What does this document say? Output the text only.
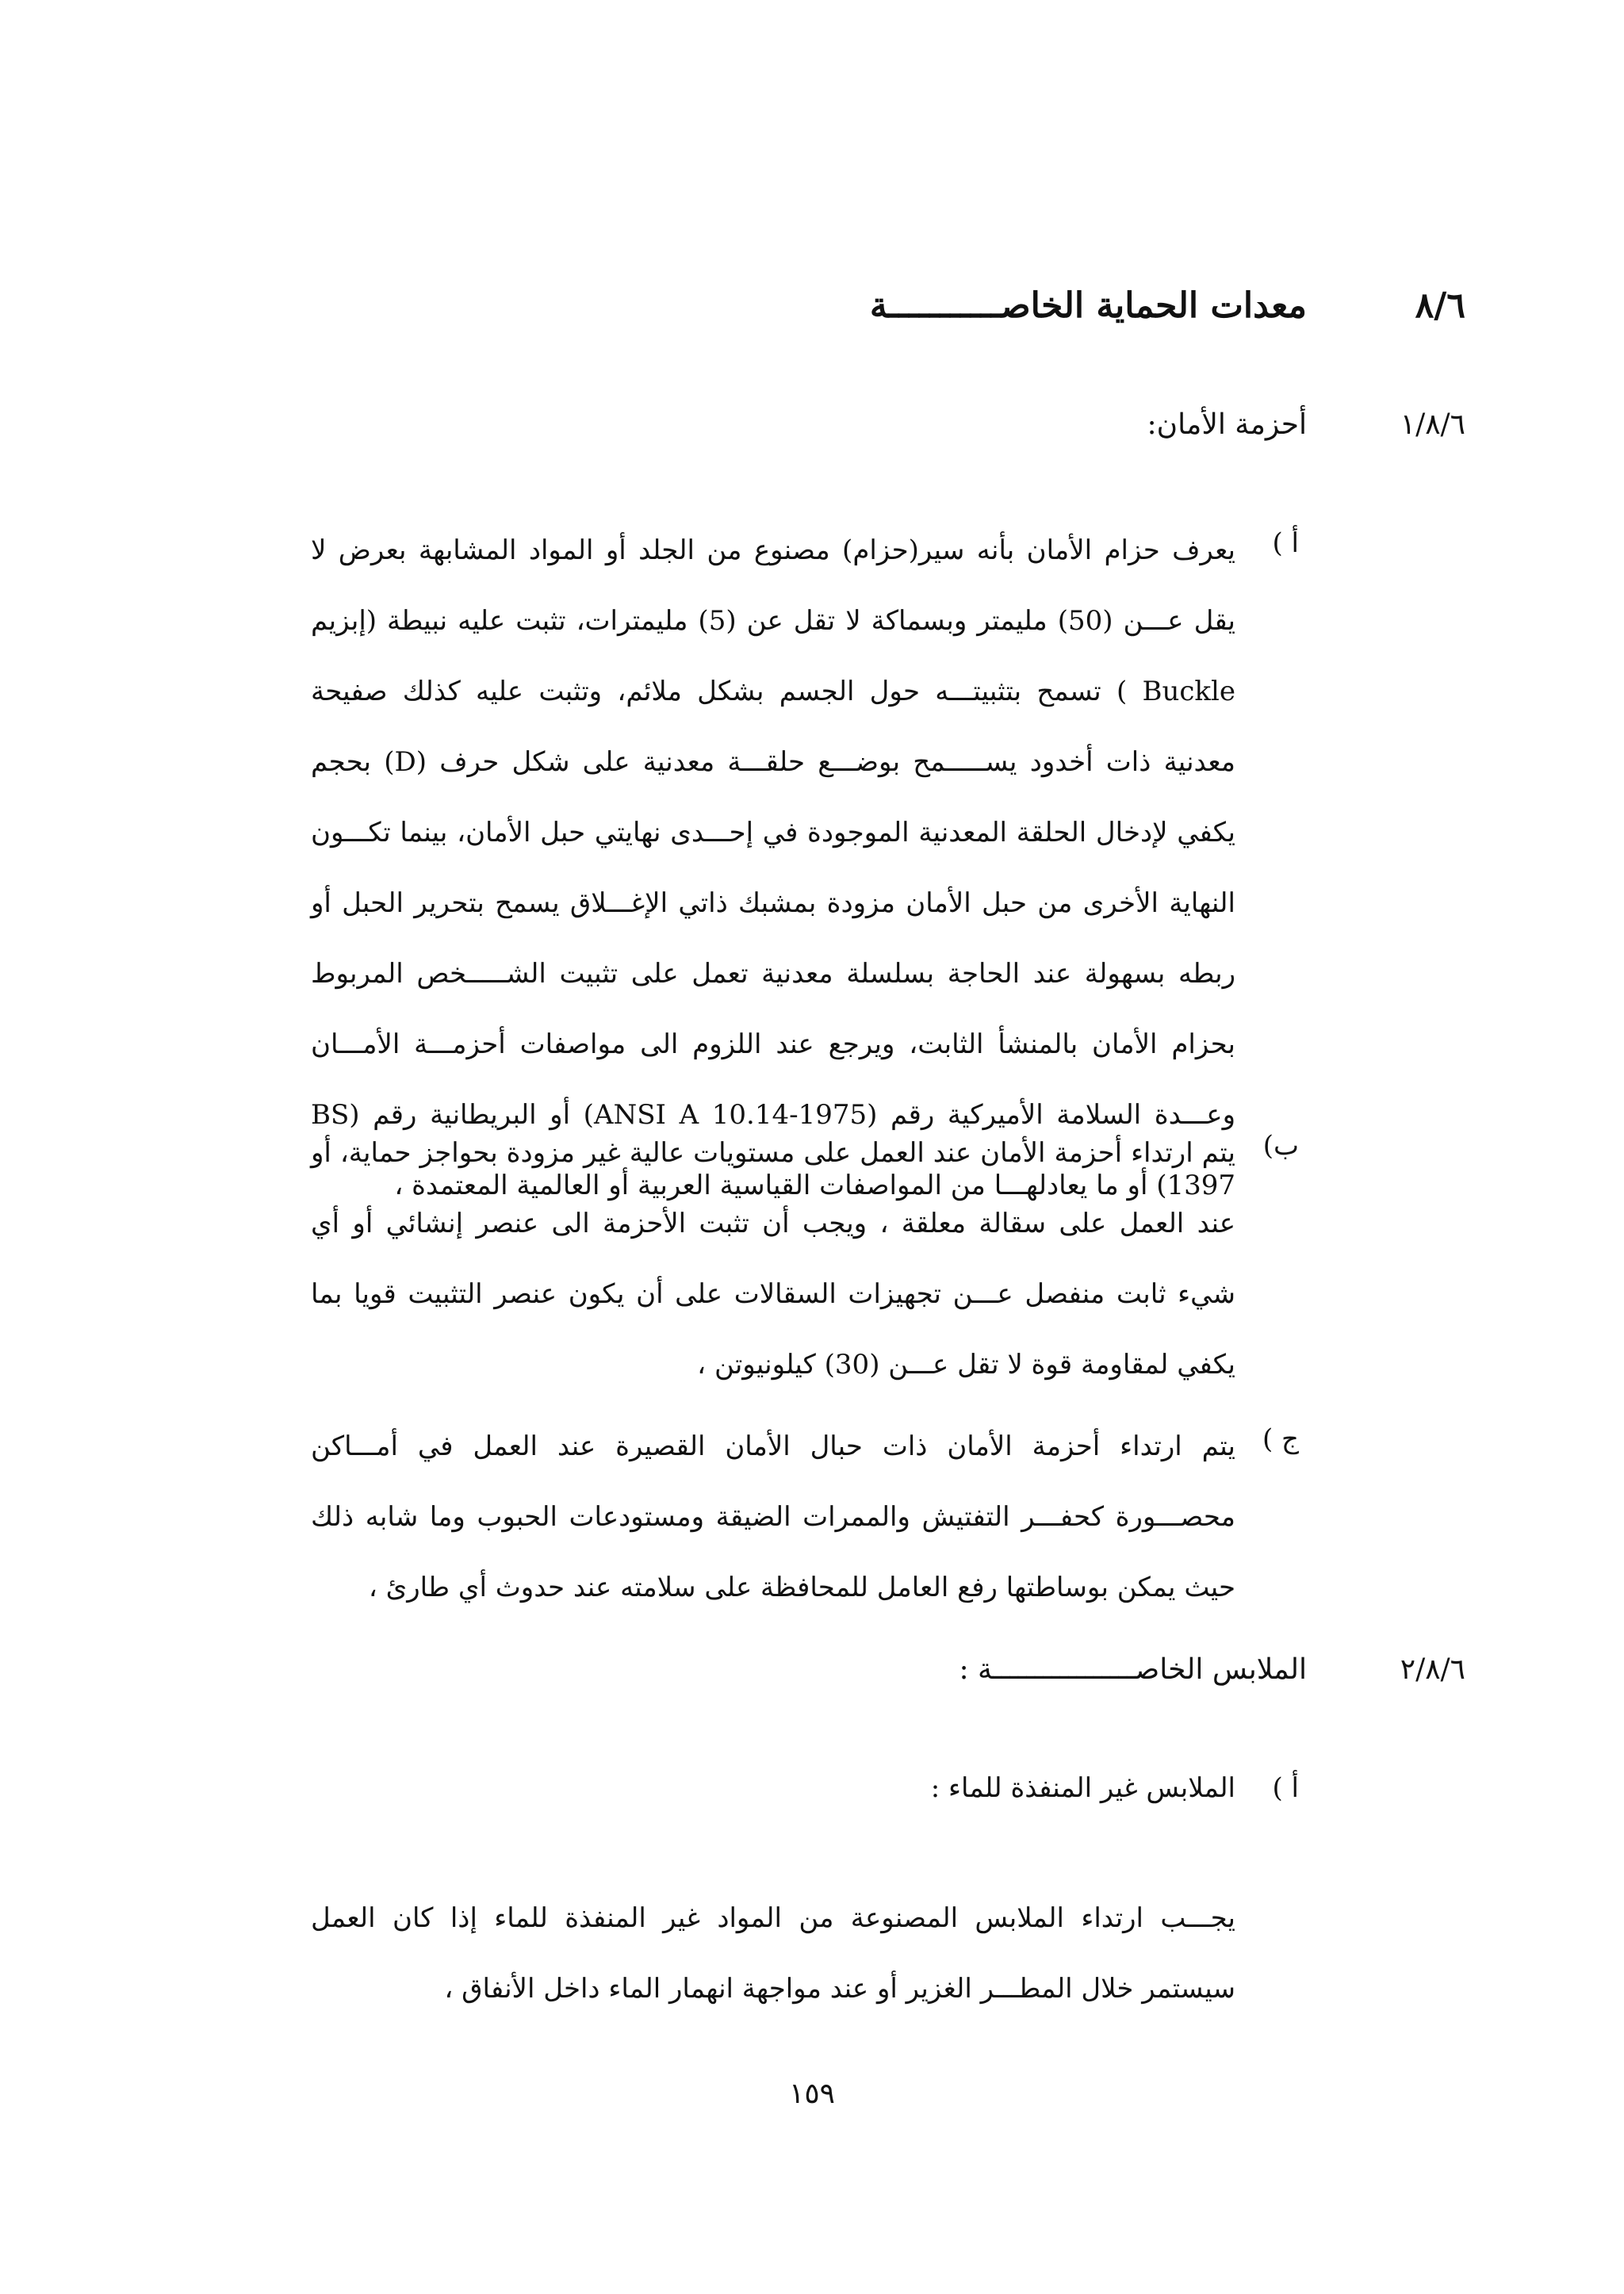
٨/٦
معدات الحماية الخاصـــــــــــة
١/٨/٦
أحزمة الأمان:
أ )

يعرف حزام الأمان بأنه سير(حزام) مصنوع من الجلد أو المواد المشابهة بعرض لا يقل عـــن (50) مليمتر وبسماكة لا تقل عن (5) مليمترات، تثبت عليه نبيطة (إبزيم Buckle ) تسمح بتثبيتـــه حول الجسم بشكل ملائم، وتثبت عليه كذلك صفيحة معدنية ذات أخدود يســـــمح بوضـــع حلقـــة معدنية على شكل حرف (D) بحجم يكفي لإدخال الحلقة المعدنية الموجودة في إحـــدى نهايتي حبل الأمان، بينما تكـــون النهاية الأخرى من حبل الأمان مزودة بمشبك ذاتي الإغـــلاق يسمح بتحرير الحبل أو ربطه بسهولة عند الحاجة بسلسلة معدنية تعمل على تثبيت الشـــــخص المربوط بحزام الأمان بالمنشأ الثابت، ويرجع عند اللزوم الى مواصفات أحزمـــة الأمـــان وعـــدة السلامة الأميركية رقم (ANSI A 10.14-1975) أو البريطانية رقم (BS 1397) أو ما يعادلهـــا من المواصفات القياسية العربية أو العالمية المعتمدة ،

ب)

يتم ارتداء أحزمة الأمان عند العمل على مستويات عالية غير مزودة بحواجز حماية، أو عند العمل على سقالة معلقة ، ويجب أن تثبت الأحزمة الى عنصر إنشائي أو أي شيء ثابت منفصل عـــن تجهيزات السقالات على أن يكون عنصر التثبيت قويا بما يكفي لمقاومة قوة لا تقل عـــن (30) كيلونيوتن ،

ج )

يتم ارتداء أحزمة الأمان ذات حبال الأمان القصيرة عند العمل في أمـــاكن محصـــورة كحفـــر التفتيش والممرات الضيقة ومستودعات الحبوب وما شابه ذلك حيث يمكن بوساطتها رفع العامل للمحافظة على سلامته عند حدوث أي طارئ ،

٢/٨/٦
الملابس الخاصـــــــــــــــــة :
أ )
الملابس غير المنفذة للماء :

يجـــب ارتداء الملابس المصنوعة من المواد غير المنفذة للماء إذا كان العمل سيستمر خلال المطـــر الغزير أو عند مواجهة انهمار الماء داخل الأنفاق ،

١٥٩
